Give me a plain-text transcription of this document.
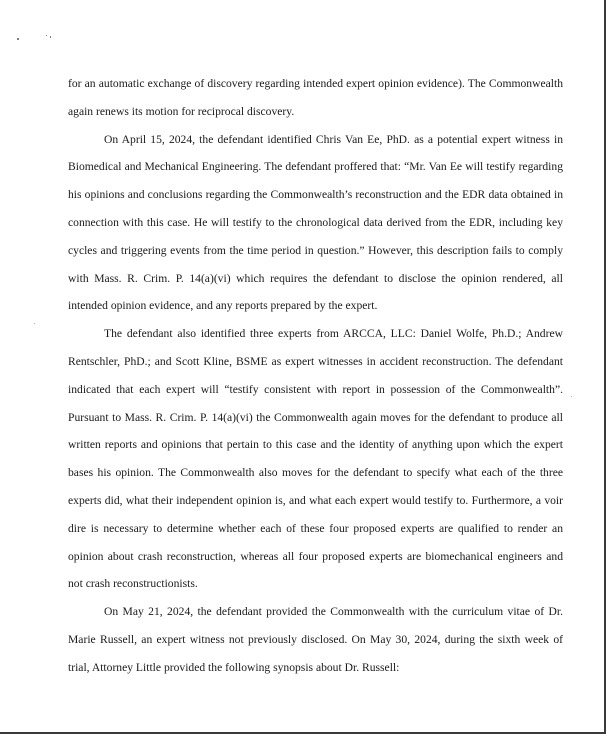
for an automatic exchange of discovery regarding intended expert opinion evidence). The Commonwealth again renews its motion for reciprocal discovery.

On April 15, 2024, the defendant identified Chris Van Ee, PhD. as a potential expert witness in Biomedical and Mechanical Engineering. The defendant proffered that: “Mr. Van Ee will testify regarding his opinions and conclusions regarding the Commonwealth’s reconstruction and the EDR data obtained in connection with this case. He will testify to the chronological data derived from the EDR, including key cycles and triggering events from the time period in question.” However, this description fails to comply with Mass. R. Crim. P. 14(a)(vi) which requires the defendant to disclose the opinion rendered, all intended opinion evidence, and any reports prepared by the expert.

The defendant also identified three experts from ARCCA, LLC: Daniel Wolfe, Ph.D.; Andrew Rentschler, PhD.; and Scott Kline, BSME as expert witnesses in accident reconstruction. The defendant indicated that each expert will “testify consistent with report in possession of the Commonwealth”. Pursuant to Mass. R. Crim. P. 14(a)(vi) the Commonwealth again moves for the defendant to produce all written reports and opinions that pertain to this case and the identity of anything upon which the expert bases his opinion. The Commonwealth also moves for the defendant to specify what each of the three experts did, what their independent opinion is, and what each expert would testify to. Furthermore, a voir dire is necessary to determine whether each of these four proposed experts are qualified to render an opinion about crash reconstruction, whereas all four proposed experts are biomechanical engineers and not crash reconstructionists.

On May 21, 2024, the defendant provided the Commonwealth with the curriculum vitae of Dr. Marie Russell, an expert witness not previously disclosed. On May 30, 2024, during the sixth week of trial, Attorney Little provided the following synopsis about Dr. Russell:
